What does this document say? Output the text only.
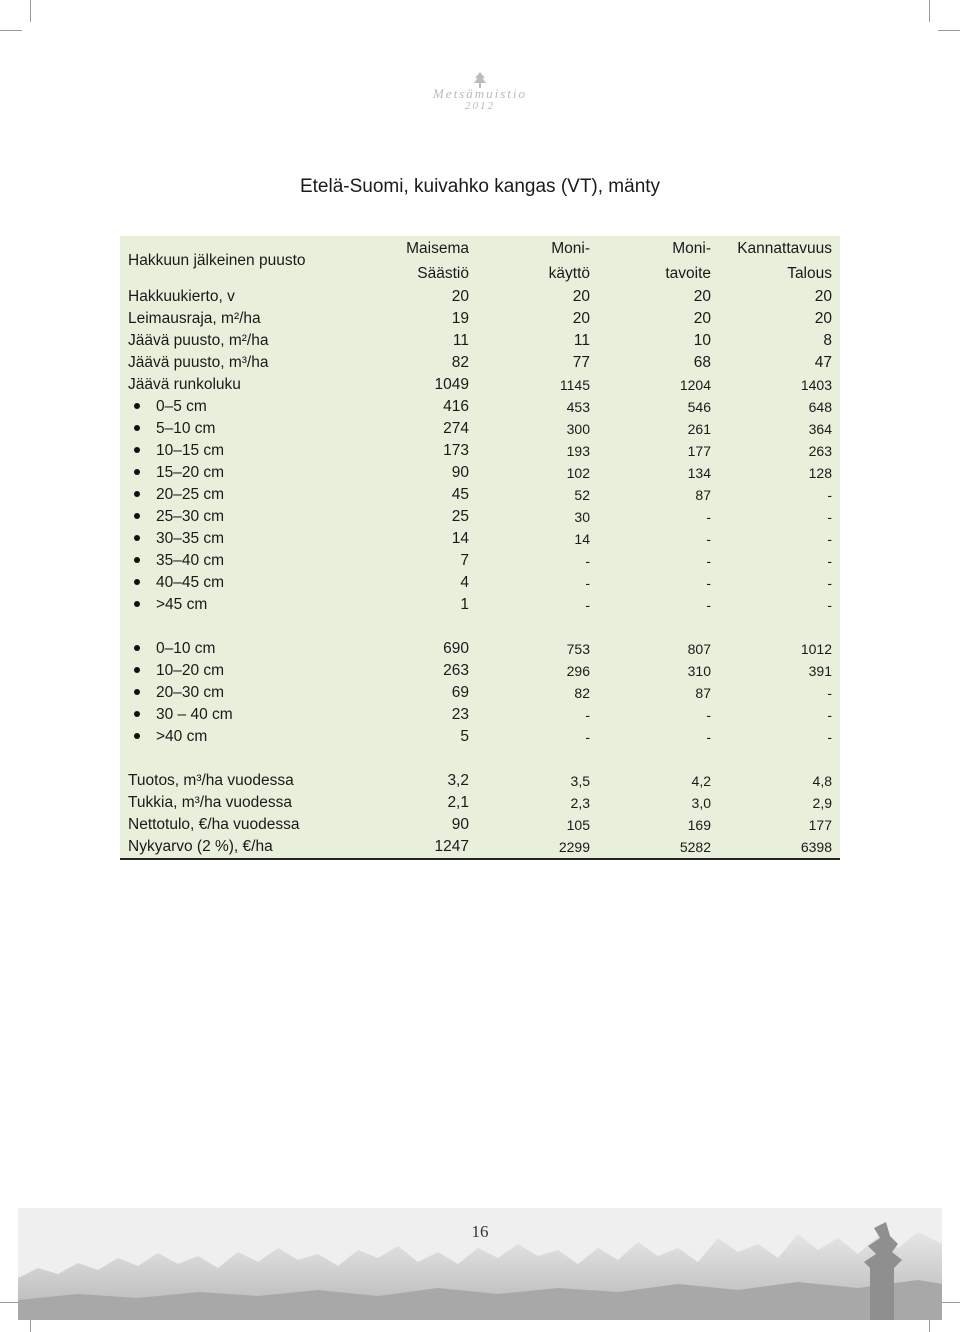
Metsämuistio
2012
Etelä-Suomi, kuivahko kangas (VT), mänty
Hakkuun jälkeinen puusto	Maisema	Moni-	Moni-	Kannattavuus
	Säästiö	käyttö	tavoite	Talous
Hakkuukierto, v	20	20	20	20
Leimausraja, m²/ha	19	20	20	20
Jäävä puusto, m²/ha	11	11	10	8
Jäävä puusto, m³/ha	82	77	68	47
Jäävä runkoluku	1049	1145	1204	1403
0–5 cm	416	453	546	648
5–10 cm	274	300	261	364
10–15 cm	173	193	177	263
15–20 cm	90	102	134	128
20–25 cm	45	52	87	-
25–30 cm	25	30	-	-
30–35 cm	14	14	-	-
35–40 cm	7	-	-	-
40–45 cm	4	-	-	-
>45 cm	1	-	-	-

0–10 cm	690	753	807	1012
10–20 cm	263	296	310	391
20–30 cm	69	82	87	-
30 – 40 cm	23	-	-	-
>40 cm	5	-	-	-

Tuotos, m³/ha vuodessa	3,2	3,5	4,2	4,8
Tukkia, m³/ha vuodessa	2,1	2,3	3,0	2,9
Nettotulo, €/ha vuodessa	90	105	169	177
Nykyarvo (2 %), €/ha	1247	2299	5282	6398
16
